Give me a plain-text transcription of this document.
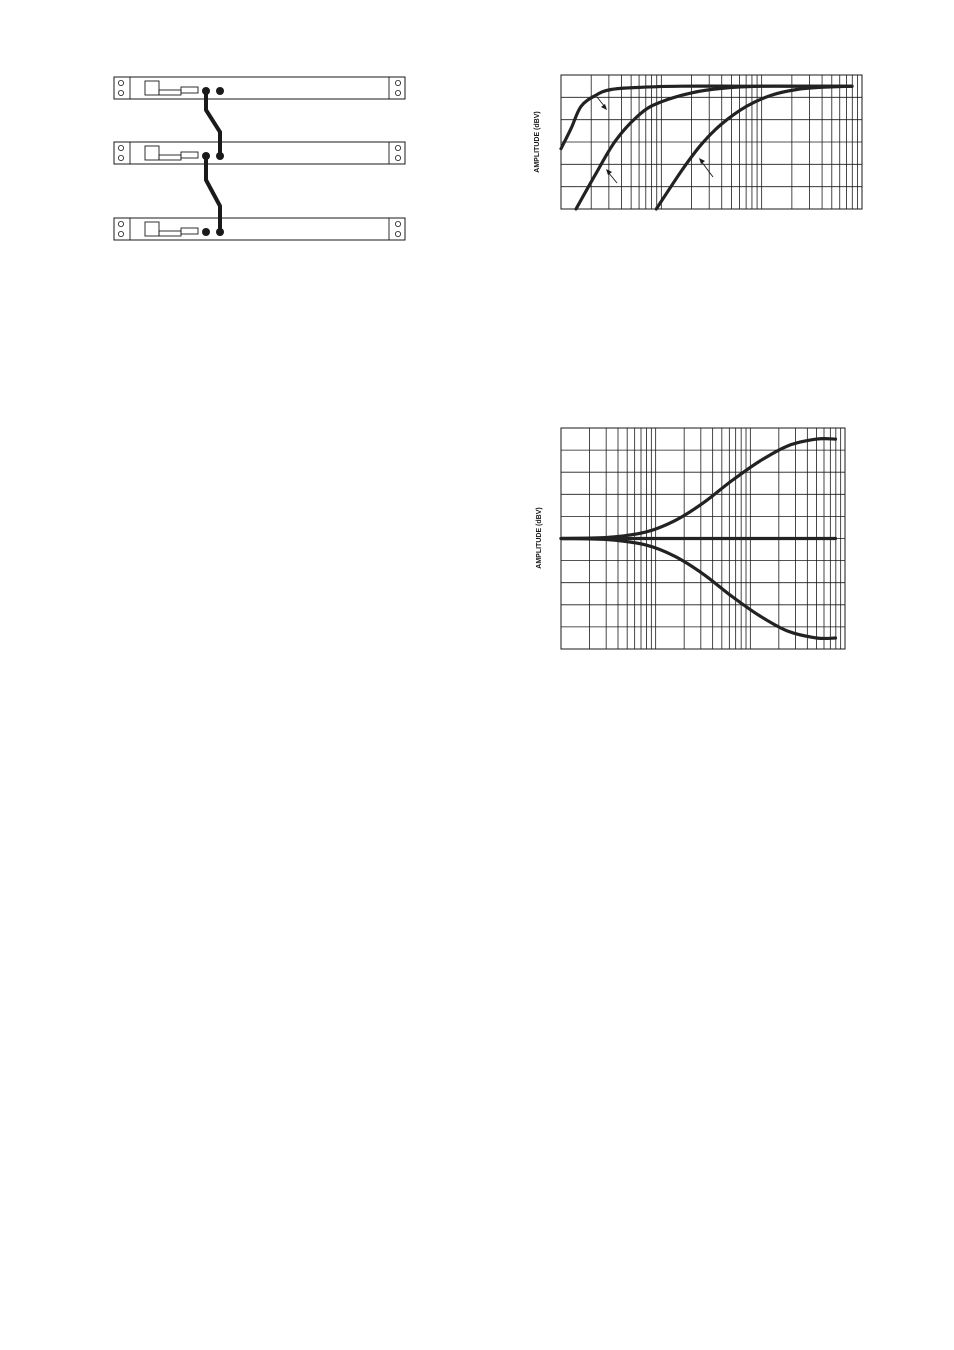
AMPLITUDE (dBV)
AMPLITUDE (dBV)
